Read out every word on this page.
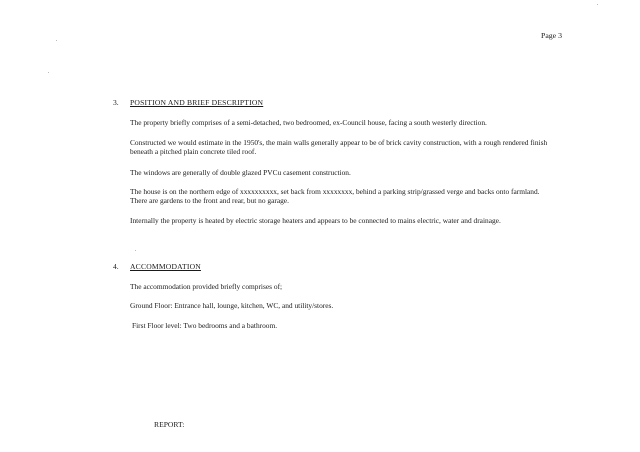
Page 3
3. POSITION AND BRIEF DESCRIPTION
The property briefly comprises of a semi-detached, two bedroomed, ex-Council house, facing a south westerly direction.
Constructed we would estimate in the 1950's, the main walls generally appear to be of brick cavity construction, with a rough rendered finish beneath a pitched plain concrete tiled roof.
The windows are generally of double glazed PVCu casement construction.
The house is on the northern edge of xxxxxxxxxx, set back from xxxxxxxx, behind a parking strip/grassed verge and backs onto farmland. There are gardens to the front and rear, but no garage.
Internally the property is heated by electric storage heaters and appears to be connected to mains electric, water and drainage.
4. ACCOMMODATION
The accommodation provided briefly comprises of;
Ground Floor: Entrance hall, lounge, kitchen, WC, and utility/stores.
First Floor level: Two bedrooms and a bathroom.
REPORT:
